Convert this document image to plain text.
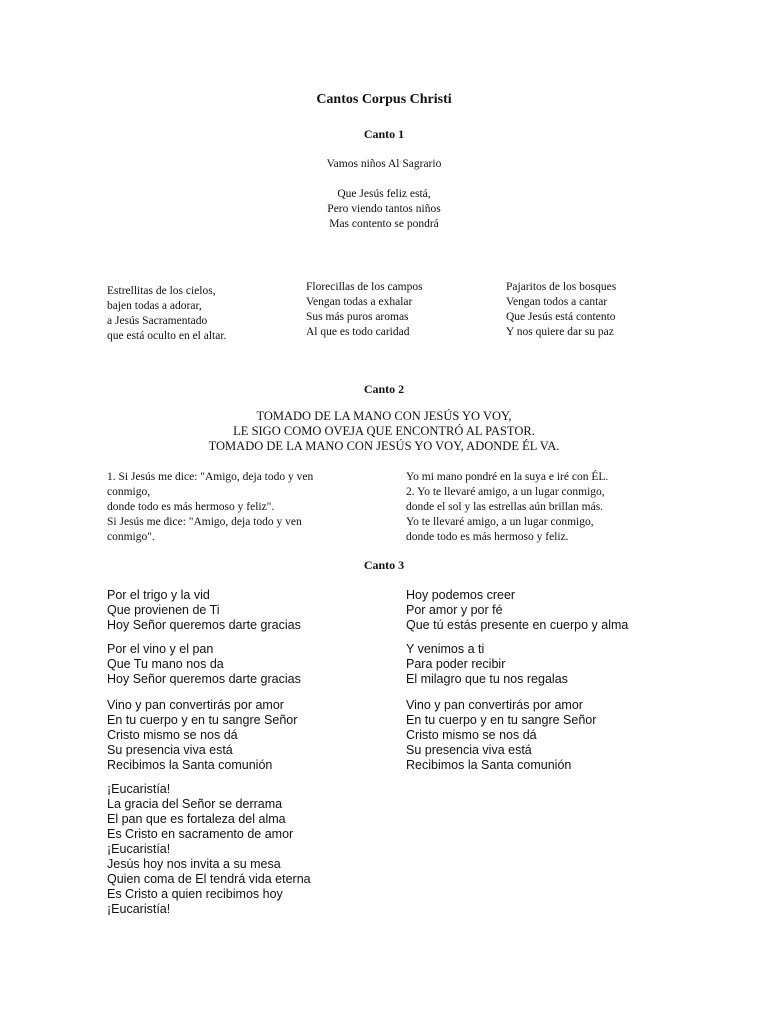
Cantos Corpus Christi
Canto 1
Vamos niños Al Sagrario
Que Jesús feliz está,
Pero viendo tantos niños
Mas contento se pondrá
Estrellitas de los cielos,
bajen todas a adorar,
a Jesús Sacramentado
que está oculto en el altar.
Florecillas de los campos
Vengan todas a exhalar
Sus más puros aromas
Al que es todo caridad
Pajaritos de los bosques
Vengan todos a cantar
Que Jesús está contento
Y nos quiere dar su paz
Canto 2
TOMADO DE LA MANO CON JESÚS YO VOY,
LE SIGO COMO OVEJA QUE ENCONTRÓ AL PASTOR.
TOMADO DE LA MANO CON JESÚS YO VOY, ADONDE ÉL VA.
1. Si Jesús me dice: "Amigo, deja todo y ven
conmigo,
donde todo es más hermoso y feliz".
Si Jesús me dice: "Amigo, deja todo y ven
conmigo".
Yo mi mano pondré en la suya e iré con ÉL.
2. Yo te llevaré amigo, a un lugar conmigo,
donde el sol y las estrellas aún brillan más.
Yo te llevaré amigo, a un lugar conmigo,
donde todo es más hermoso y feliz.
Canto 3
Por el trigo y la vid
Que provienen de Ti
Hoy Señor queremos darte gracias
Por el vino y el pan
Que Tu mano nos da
Hoy Señor queremos darte gracias
Vino y pan convertirás por amor
En tu cuerpo y en tu sangre Señor
Cristo mismo se nos dá
Su presencia viva está
Recibimos la Santa comunión
¡Eucaristía!
La gracia del Señor se derrama
El pan que es fortaleza del alma
Es Cristo en sacramento de amor
¡Eucaristía!
Jesús hoy nos invita a su mesa
Quien coma de El tendrá vida eterna
Es Cristo a quien recibimos hoy
¡Eucaristía!
Hoy podemos creer
Por amor y por fé
Que tú estás presente en cuerpo y alma
Y venimos a ti
Para poder recibir
El milagro que tu nos regalas
Vino y pan convertirás por amor
En tu cuerpo y en tu sangre Señor
Cristo mismo se nos dá
Su presencia viva está
Recibimos la Santa comunión
